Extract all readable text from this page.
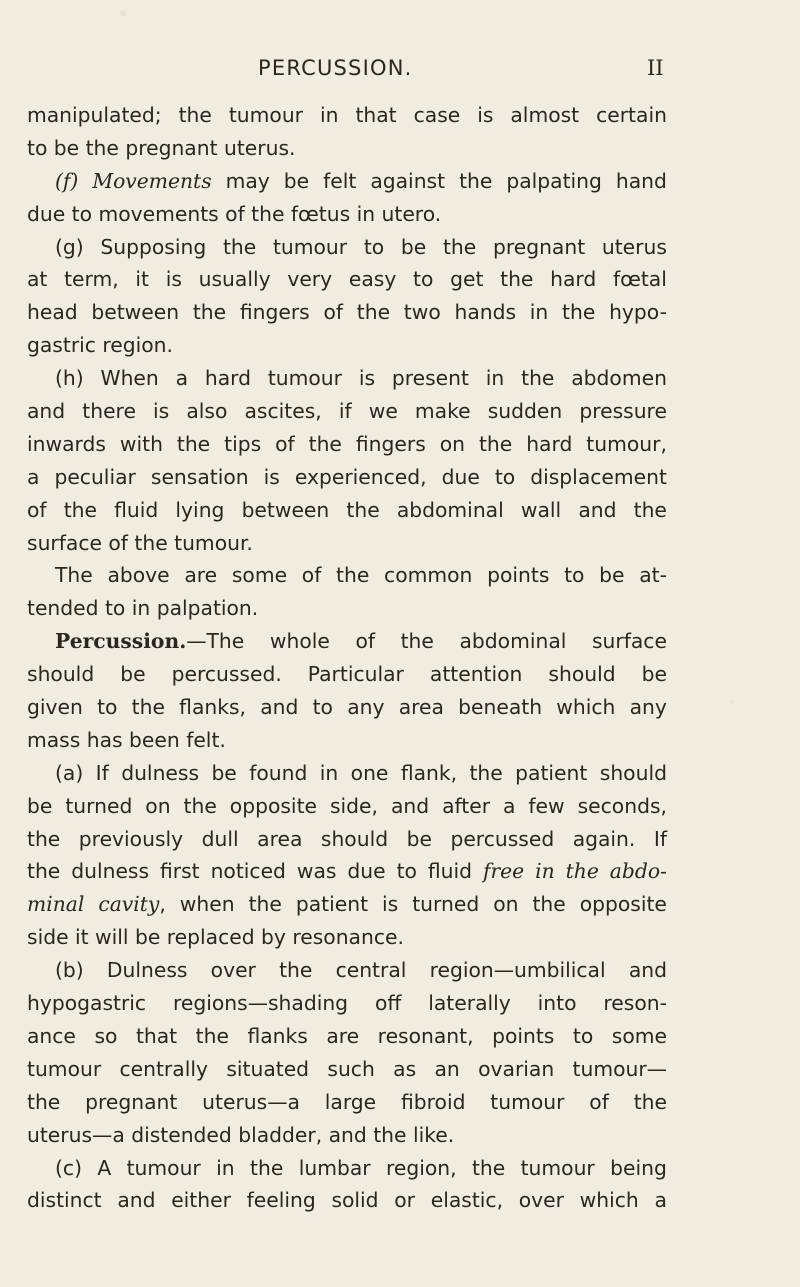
PERCUSSION.	II
manipulated; the tumour in that case is almost certain
to be the pregnant uterus.
(f) Movements may be felt against the palpating hand
due to movements of the fœtus in utero.
(g) Supposing the tumour to be the pregnant uterus
at term, it is usually very easy to get the hard fœtal
head between the fingers of the two hands in the hypo-
gastric region.
(h) When a hard tumour is present in the abdomen
and there is also ascites, if we make sudden pressure
inwards with the tips of the fingers on the hard tumour,
a peculiar sensation is experienced, due to displacement
of the fluid lying between the abdominal wall and the
surface of the tumour.
The above are some of the common points to be at-
tended to in palpation.
Percussion.—The whole of the abdominal surface
should be percussed. Particular attention should be
given to the flanks, and to any area beneath which any
mass has been felt.
(a) If dulness be found in one flank, the patient should
be turned on the opposite side, and after a few seconds,
the previously dull area should be percussed again. If
the dulness first noticed was due to fluid free in the abdo-
minal cavity, when the patient is turned on the opposite
side it will be replaced by resonance.
(b) Dulness over the central region—umbilical and
hypogastric regions—shading off laterally into reson-
ance so that the flanks are resonant, points to some
tumour centrally situated such as an ovarian tumour—
the pregnant uterus—a large fibroid tumour of the
uterus—a distended bladder, and the like.
(c) A tumour in the lumbar region, the tumour being
distinct and either feeling solid or elastic, over which a
